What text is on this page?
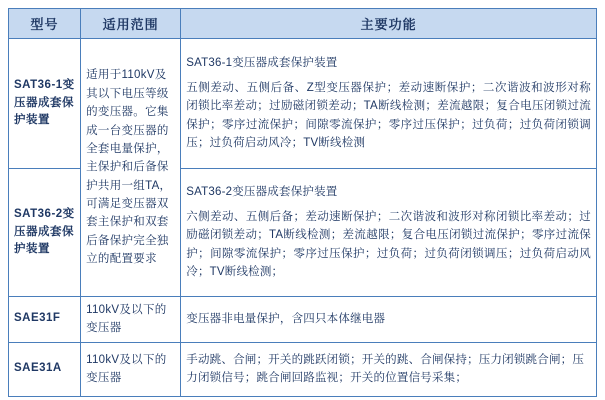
型号	适用范围	主要功能
SAT36-1变压器成套保护装置	适用于110kV及其以下电压等级的变压器。它集成一台变压器的全套电量保护，主保护和后备保护共用一组TA，可满足变压器双套主保护和双套后备保护完全独立的配置要求	SAT36-1变压器成套保护装置
五侧差动、五侧后备、Z型变压器保护；差动速断保护；二次谐波和波形对称闭锁比率差动；过励磁闭锁差动；TA断线检测；差流越限；复合电压闭锁过流保护；零序过流保护；间隙零流保护；零序过压保护；过负荷；过负荷闭锁调压；过负荷启动风冷；TV断线检测

SAT36-2变压器成套保护装置		SAT36-2变压器成套保护装置
六侧差动、五侧后备；差动速断保护；二次谐波和波形对称闭锁比率差动；过励磁闭锁差动；TA断线检测；差流越限；复合电压闭锁过流保护；零序过流保护；间隙零流保护；零序过压保护；过负荷；过负荷闭锁调压；过负荷启动风冷；TV断线检测；

SAE31F	110kV及以下的变压器	变压器非电量保护，含四只本体继电器
SAE31A	110kV及以下的变压器	手动跳、合闸；开关的跳跃闭锁；开关的跳、合闸保持；压力闭锁跳合闸；压力闭锁信号；跳合闸回路监视；开关的位置信号采集；
